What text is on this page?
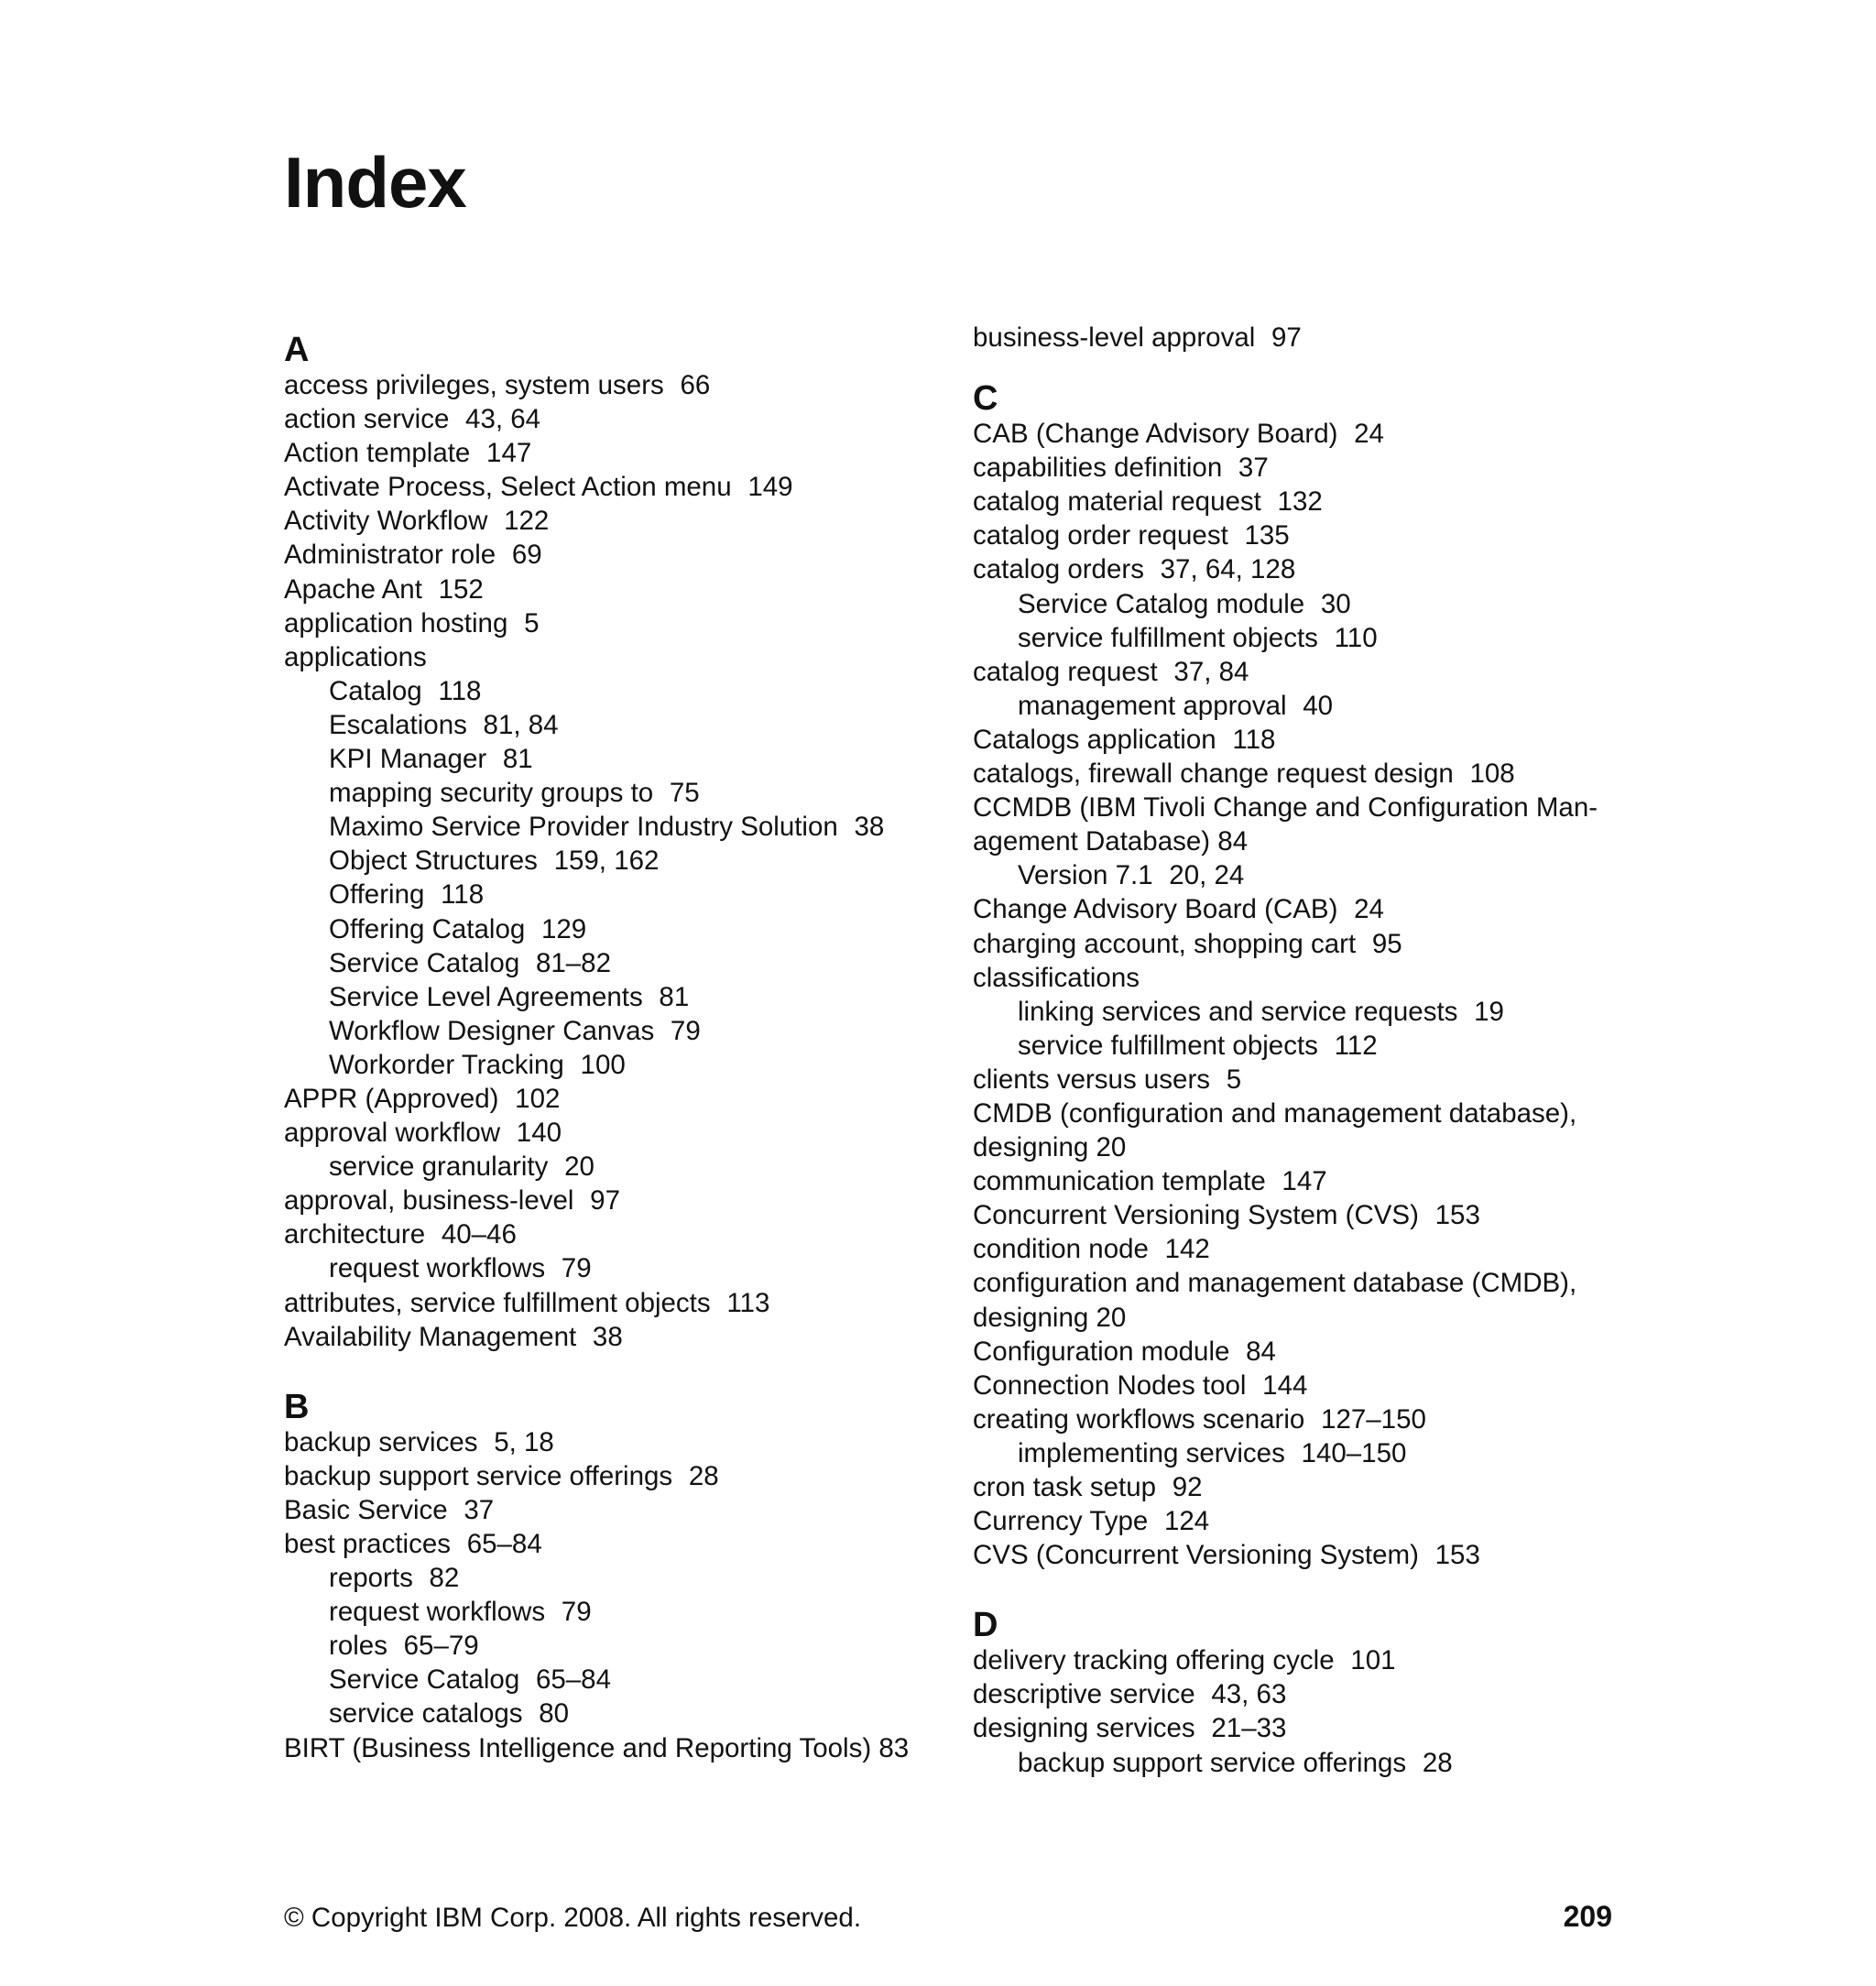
Index
A
access privileges, system users 66
action service 43, 64
Action template 147
Activate Process, Select Action menu 149
Activity Workflow 122
Administrator role 69
Apache Ant 152
application hosting 5
applications
Catalog 118
Escalations 81, 84
KPI Manager 81
mapping security groups to 75
Maximo Service Provider Industry Solution 38
Object Structures 159, 162
Offering 118
Offering Catalog 129
Service Catalog 81–82
Service Level Agreements 81
Workflow Designer Canvas 79
Workorder Tracking 100
APPR (Approved) 102
approval workflow 140
service granularity 20
approval, business-level 97
architecture 40–46
request workflows 79
attributes, service fulfillment objects 113
Availability Management 38
B
backup services 5, 18
backup support service offerings 28
Basic Service 37
best practices 65–84
reports 82
request workflows 79
roles 65–79
Service Catalog 65–84
service catalogs 80
BIRT (Business Intelligence and Reporting Tools) 83
business-level approval 97
C
CAB (Change Advisory Board) 24
capabilities definition 37
catalog material request 132
catalog order request 135
catalog orders 37, 64, 128
Service Catalog module 30
service fulfillment objects 110
catalog request 37, 84
management approval 40
Catalogs application 118
catalogs, firewall change request design 108
CCMDB (IBM Tivoli Change and Configuration Man-agement Database) 84
Version 7.1 20, 24
Change Advisory Board (CAB) 24
charging account, shopping cart 95
classifications
linking services and service requests 19
service fulfillment objects 112
clients versus users 5
CMDB (configuration and management database), designing 20
communication template 147
Concurrent Versioning System (CVS) 153
condition node 142
configuration and management database (CMDB), designing 20
Configuration module 84
Connection Nodes tool 144
creating workflows scenario 127–150
implementing services 140–150
cron task setup 92
Currency Type 124
CVS (Concurrent Versioning System) 153
D
delivery tracking offering cycle 101
descriptive service 43, 63
designing services 21–33
backup support service offerings 28
© Copyright IBM Corp. 2008. All rights reserved.	209
